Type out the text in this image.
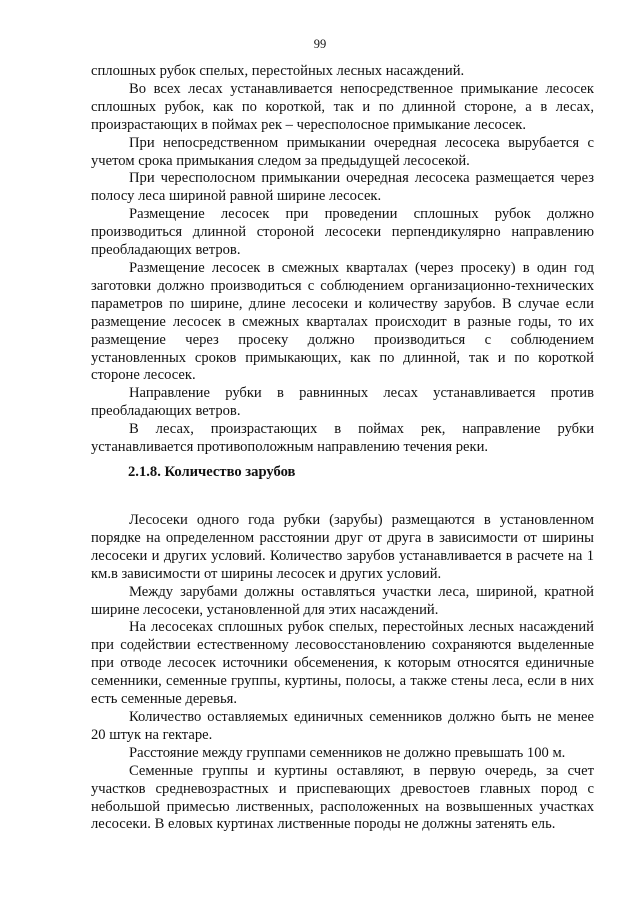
99

сплошных рубок спелых, перестойных лесных насаждений.

Во всех лесах устанавливается непосредственное примыкание лесосек сплошных рубок, как по короткой, так и по длинной стороне, а в лесах, произрастающих в поймах рек – чересполосное примыкание лесосек.

При непосредственном примыкании очередная лесосека вырубается с учетом срока примыкания следом за предыдущей лесосекой.

При чересполосном примыкании очередная лесосека размещается через полосу леса шириной равной ширине лесосек.

Размещение лесосек при проведении сплошных рубок должно производиться длинной стороной лесосеки перпендикулярно направлению преобладающих ветров.

Размещение лесосек в смежных кварталах (через просеку) в один год заготовки должно производиться с соблюдением организационно-технических параметров по ширине, длине лесосеки и количеству зарубов. В случае если размещение лесосек в смежных кварталах происходит в разные годы, то их размещение через просеку должно производиться с соблюдением установленных сроков примыкающих, как по длинной, так и по короткой стороне лесосек.

Направление рубки в равнинных лесах устанавливается против преобладающих ветров.

В лесах, произрастающих в поймах рек, направление рубки устанавливается противоположным направлению течения реки.

2.1.8. Количество зарубов

Лесосеки одного года рубки (зарубы) размещаются в установленном порядке на определенном расстоянии друг от друга в зависимости от ширины лесосеки и других условий. Количество зарубов устанавливается в расчете на 1 км.в зависимости от ширины лесосек и других условий.

Между зарубами должны оставляться участки леса, шириной, кратной ширине лесосеки, установленной для этих насаждений.

На лесосеках сплошных рубок спелых, перестойных лесных насаждений при содействии естественному лесовосстановлению сохраняются выделенные при отводе лесосек источники обсеменения, к которым относятся единичные семенники, семенные группы, куртины, полосы, а также стены леса, если в них есть семенные деревья.

Количество оставляемых единичных семенников должно быть не менее 20 штук на гектаре.

Расстояние между группами семенников не должно превышать 100 м.

Семенные группы и куртины оставляют, в первую очередь, за счет участков средневозрастных и приспевающих древостоев главных пород с небольшой примесью лиственных, расположенных на возвышенных участках лесосеки. В еловых куртинах лиственные породы не должны затенять ель.
